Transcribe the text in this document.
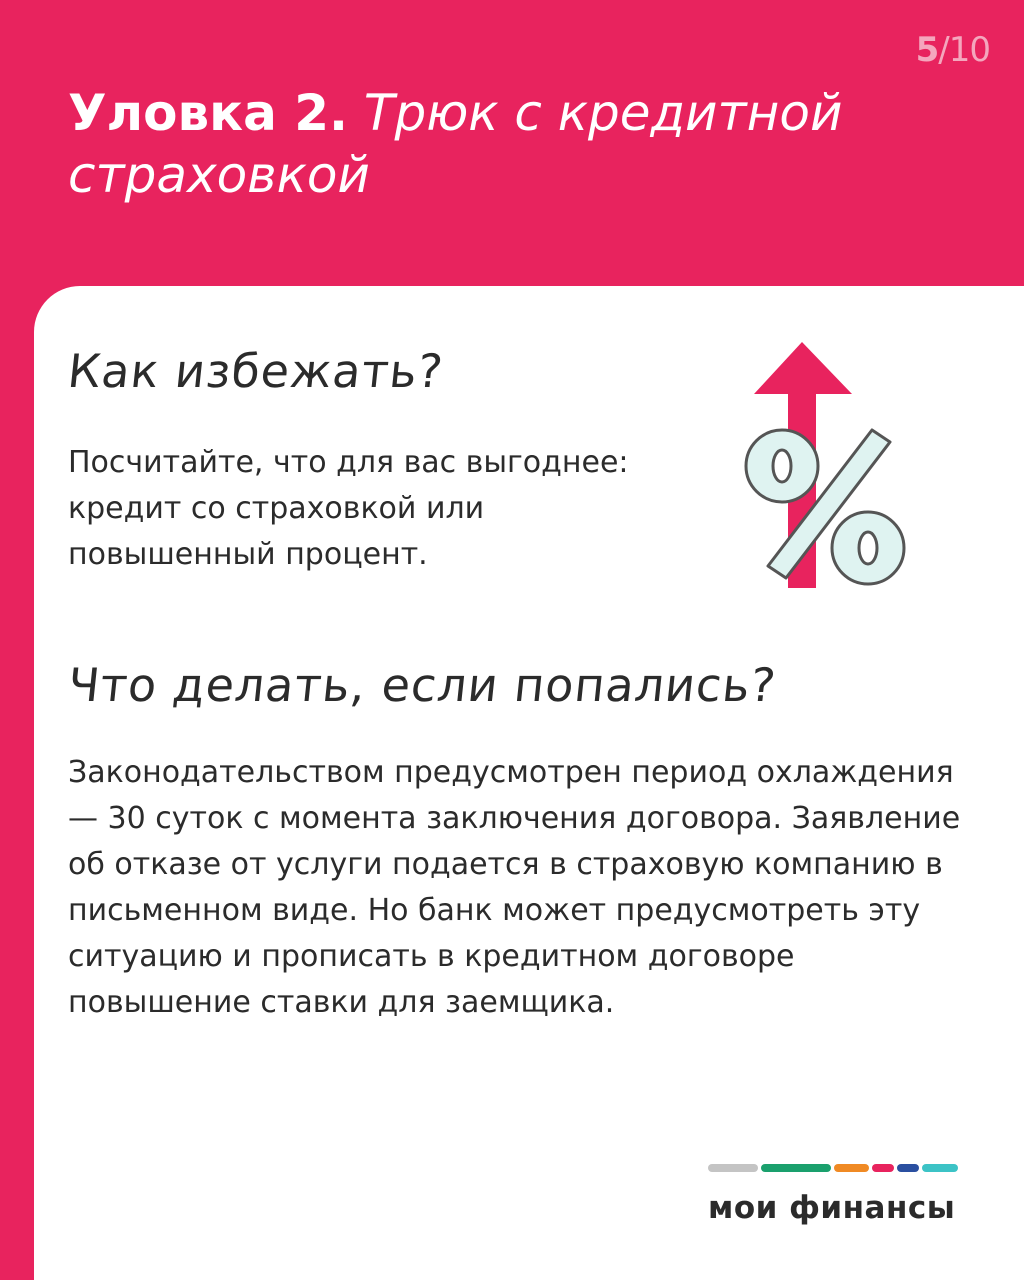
5/10
Уловка 2. Трюк с кредитной страховкой
Как избежать?
Посчитайте, что для вас выгоднее: кредит со страховкой или повышенный процент.
Что делать, если попались?
Законодательством предусмотрен период охлаждения — 30 суток с момента заключения договора. Заявление об отказе от услуги подается в страховую компанию в письменном виде. Но банк может предусмотреть эту ситуацию и прописать в кредитном договоре повышение ставки для заемщика.
мои финансы
